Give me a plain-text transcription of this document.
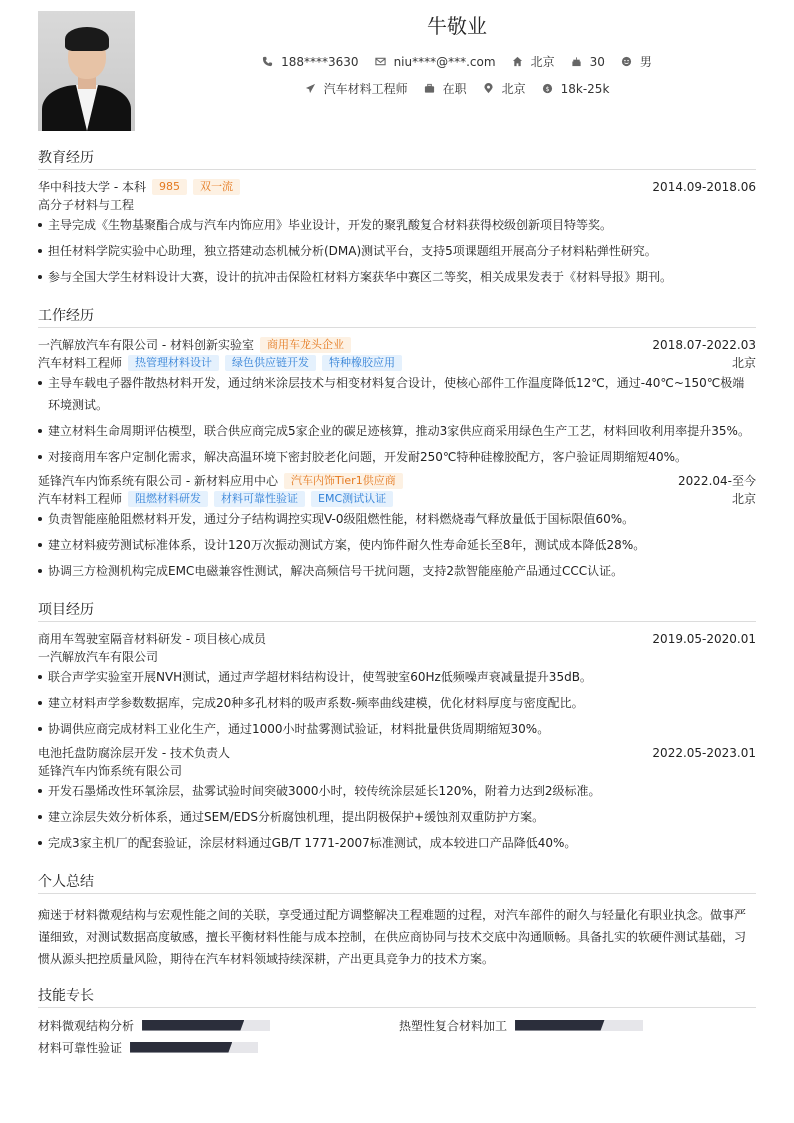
牛敬业
188****3630	niu****@***.com	北京	30	男
汽车材料工程师	在职	北京	$ 18k-25k
教育经历
华中科技大学 - 本科	985	双一流	2014.09-2018.06
高分子材料与工程
主导完成《生物基聚酯合成与汽车内饰应用》毕业设计，开发的聚乳酸复合材料获得校级创新项目特等奖。
担任材料学院实验中心助理，独立搭建动态机械分析(DMA)测试平台，支持5项课题组开展高分子材料粘弹性研究。
参与全国大学生材料设计大赛，设计的抗冲击保险杠材料方案获华中赛区二等奖，相关成果发表于《材料导报》期刊。
工作经历
一汽解放汽车有限公司 - 材料创新实验室	商用车龙头企业	2018.07-2022.03
汽车材料工程师	热管理材料设计	绿色供应链开发	特种橡胶应用	北京
主导车载电子器件散热材料开发，通过纳米涂层技术与相变材料复合设计，使核心部件工作温度降低12℃，通过-40℃~150℃极端环境测试。
建立材料生命周期评估模型，联合供应商完成5家企业的碳足迹核算，推动3家供应商采用绿色生产工艺，材料回收利用率提升35%。
对接商用车客户定制化需求，解决高温环境下密封胶老化问题，开发耐250℃特种硅橡胶配方，客户验证周期缩短40%。
延锋汽车内饰系统有限公司 - 新材料应用中心	汽车内饰Tier1供应商	2022.04-至今
汽车材料工程师	阻燃材料研发	材料可靠性验证	EMC测试认证	北京
负责智能座舱阻燃材料开发，通过分子结构调控实现V-0级阻燃性能，材料燃烧毒气释放量低于国标限值60%。
建立材料疲劳测试标准体系，设计120万次振动测试方案，使内饰件耐久性寿命延长至8年，测试成本降低28%。
协调三方检测机构完成EMC电磁兼容性测试，解决高频信号干扰问题，支持2款智能座舱产品通过CCC认证。
项目经历
商用车驾驶室隔音材料研发 - 项目核心成员	2019.05-2020.01
一汽解放汽车有限公司
联合声学实验室开展NVH测试，通过声学超材料结构设计，使驾驶室60Hz低频噪声衰减量提升35dB。
建立材料声学参数数据库，完成20种多孔材料的吸声系数-频率曲线建模，优化材料厚度与密度配比。
协调供应商完成材料工业化生产，通过1000小时盐雾测试验证，材料批量供货周期缩短30%。
电池托盘防腐涂层开发 - 技术负责人	2022.05-2023.01
延锋汽车内饰系统有限公司
开发石墨烯改性环氧涂层，盐雾试验时间突破3000小时，较传统涂层延长120%，附着力达到2级标准。
建立涂层失效分析体系，通过SEM/EDS分析腐蚀机理，提出阴极保护+缓蚀剂双重防护方案。
完成3家主机厂的配套验证，涂层材料通过GB/T 1771-2007标准测试，成本较进口产品降低40%。
个人总结
痴迷于材料微观结构与宏观性能之间的关联，享受通过配方调整解决工程难题的过程，对汽车部件的耐久与轻量化有职业执念。做事严谨细致，对测试数据高度敏感，擅长平衡材料性能与成本控制，在供应商协同与技术交底中沟通顺畅。具备扎实的软硬件测试基础，习惯从源头把控质量风险，期待在汽车材料领域持续深耕，产出更具竞争力的技术方案。
技能专长
材料微观结构分析	热塑性复合材料加工
材料可靠性验证
